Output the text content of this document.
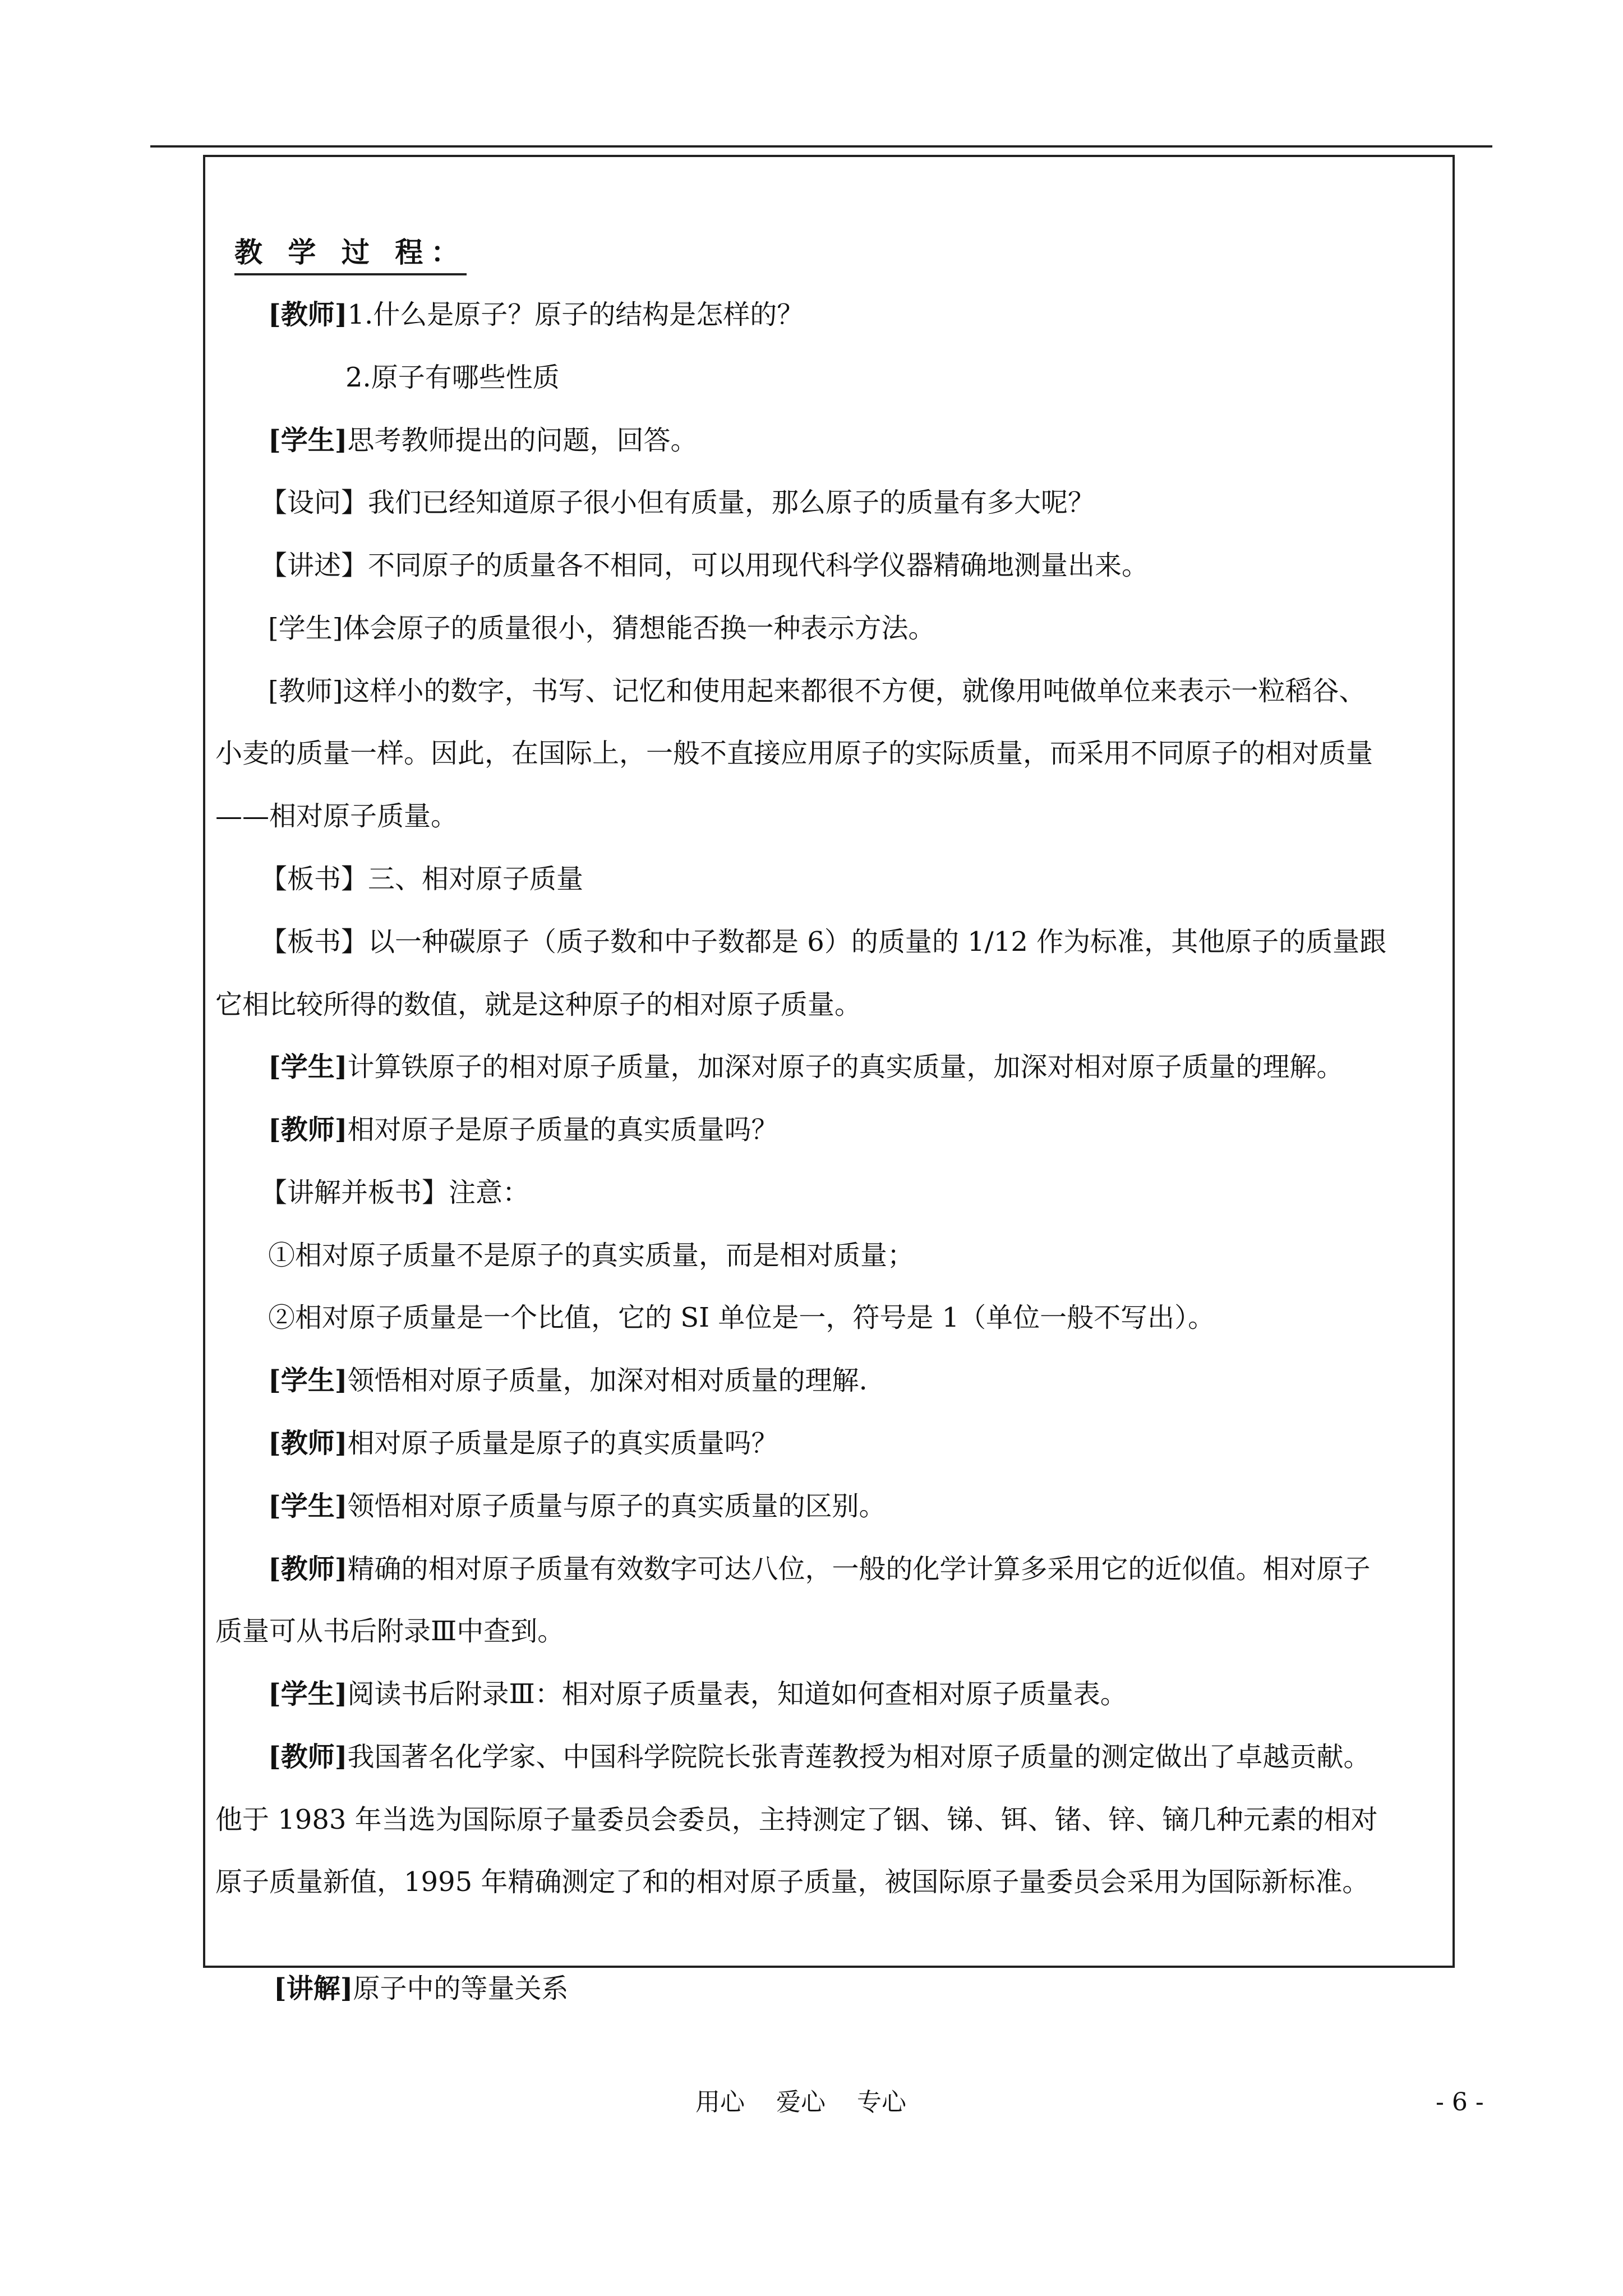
教 学 过 程：
[教师]1.什么是原子？原子的结构是怎样的？
2.原子有哪些性质
[学生]思考教师提出的问题，回答。
【设问】我们已经知道原子很小但有质量，那么原子的质量有多大呢？
【讲述】不同原子的质量各不相同，可以用现代科学仪器精确地测量出来。
[学生]体会原子的质量很小，猜想能否换一种表示方法。
[教师]这样小的数字，书写、记忆和使用起来都很不方便，就像用吨做单位来表示一粒稻谷、
小麦的质量一样。因此，在国际上，一般不直接应用原子的实际质量，而采用不同原子的相对质量
——相对原子质量。
【板书】三、相对原子质量
【板书】以一种碳原子（质子数和中子数都是 6）的质量的 1/12 作为标准，其他原子的质量跟
它相比较所得的数值，就是这种原子的相对原子质量。
[学生]计算铁原子的相对原子质量，加深对原子的真实质量，加深对相对原子质量的理解。
[教师]相对原子是原子质量的真实质量吗？
【讲解并板书】注意：
①相对原子质量不是原子的真实质量，而是相对质量；
②相对原子质量是一个比值，它的 SI 单位是一，符号是 1（单位一般不写出）。
[学生]领悟相对原子质量，加深对相对质量的理解.
[教师]相对原子质量是原子的真实质量吗？
[学生]领悟相对原子质量与原子的真实质量的区别。
[教师]精确的相对原子质量有效数字可达八位，一般的化学计算多采用它的近似值。相对原子
质量可从书后附录Ⅲ中查到。
[学生]阅读书后附录Ⅲ：相对原子质量表，知道如何查相对原子质量表。
[教师]我国著名化学家、中国科学院院长张青莲教授为相对原子质量的测定做出了卓越贡献。
他于 1983 年当选为国际原子量委员会委员，主持测定了铟、锑、铒、锗、锌、镝几种元素的相对
原子质量新值，1995 年精确测定了和的相对原子质量，被国际原子量委员会采用为国际新标准。
[讲解]原子中的等量关系
用心 爱心 专心	- 6 -
